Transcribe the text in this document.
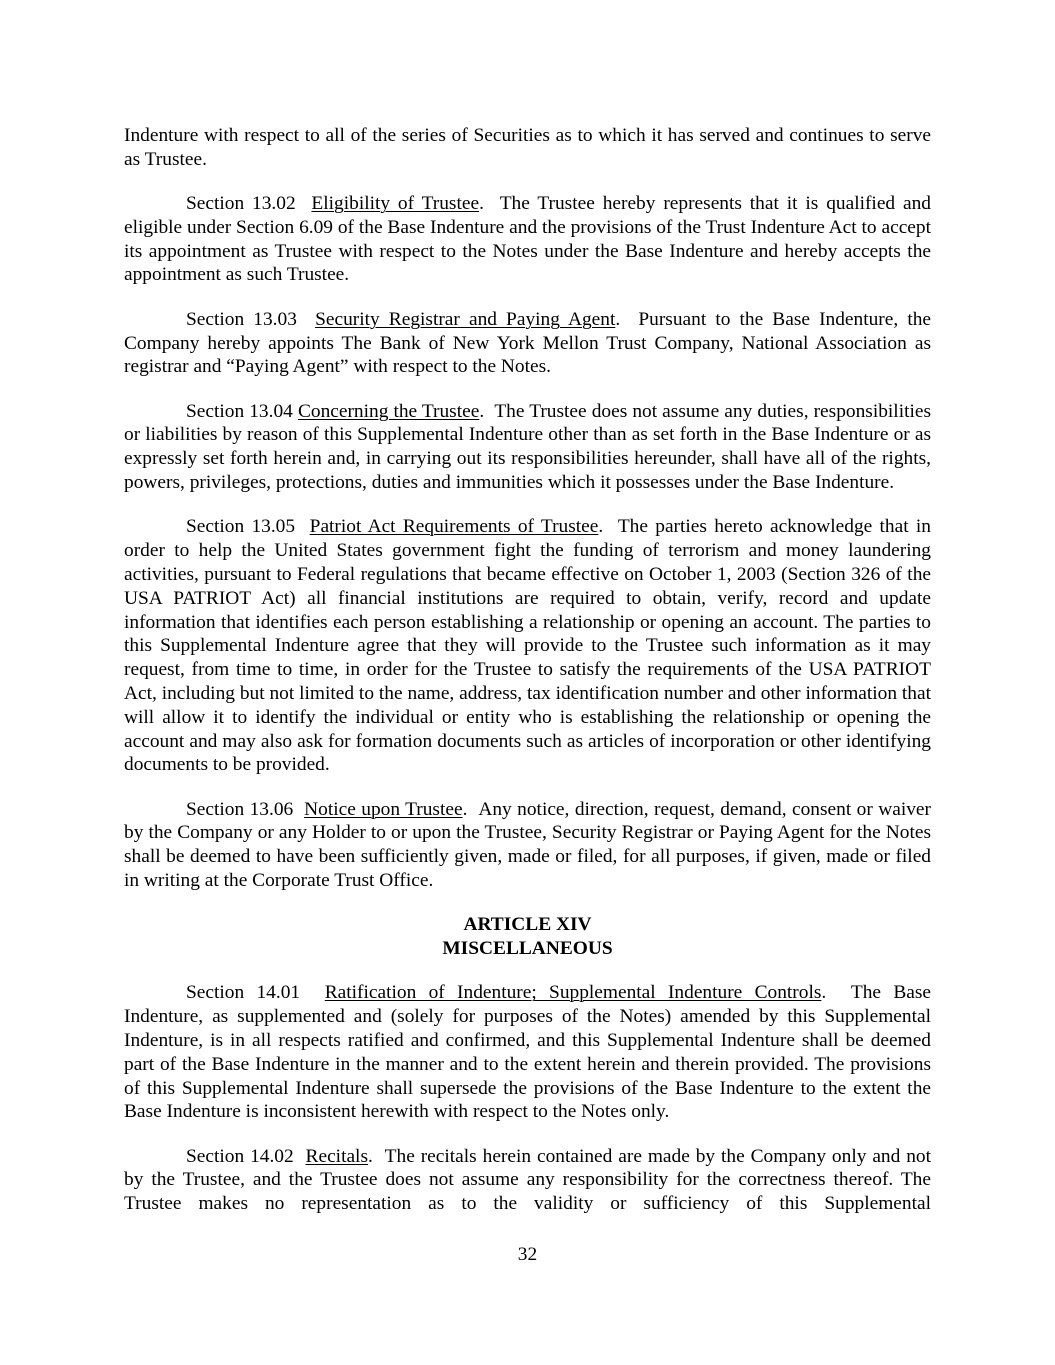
Indenture with respect to all of the series of Securities as to which it has served and continues to serve as Trustee.

Section 13.02 Eligibility of Trustee.  The Trustee hereby represents that it is qualified and eligible under Section 6.09 of the Base Indenture and the provisions of the Trust Indenture Act to accept its appointment as Trustee with respect to the Notes under the Base Indenture and hereby accepts the appointment as such Trustee.

Section 13.03 Security Registrar and Paying Agent.  Pursuant to the Base Indenture, the Company hereby appoints The Bank of New York Mellon Trust Company, National Association as registrar and “Paying Agent” with respect to the Notes.

Section 13.04 Concerning the Trustee.  The Trustee does not assume any duties, responsibilities or liabilities by reason of this Supplemental Indenture other than as set forth in the Base Indenture or as expressly set forth herein and, in carrying out its responsibilities hereunder, shall have all of the rights, powers, privileges, protections, duties and immunities which it possesses under the Base Indenture.

Section 13.05 Patriot Act Requirements of Trustee.  The parties hereto acknowledge that in order to help the United States government fight the funding of terrorism and money laundering activities, pursuant to Federal regulations that became effective on October 1, 2003 (Section 326 of the USA PATRIOT Act) all financial institutions are required to obtain, verify, record and update information that identifies each person establishing a relationship or opening an account. The parties to this Supplemental Indenture agree that they will provide to the Trustee such information as it may request, from time to time, in order for the Trustee to satisfy the requirements of the USA PATRIOT Act, including but not limited to the name, address, tax identification number and other information that will allow it to identify the individual or entity who is establishing the relationship or opening the account and may also ask for formation documents such as articles of incorporation or other identifying documents to be provided.

Section 13.06 Notice upon Trustee.  Any notice, direction, request, demand, consent or waiver by the Company or any Holder to or upon the Trustee, Security Registrar or Paying Agent for the Notes shall be deemed to have been sufficiently given, made or filed, for all purposes, if given, made or filed in writing at the Corporate Trust Office.

ARTICLE XIV
MISCELLANEOUS

Section 14.01 Ratification of Indenture; Supplemental Indenture Controls.  The Base Indenture, as supplemented and (solely for purposes of the Notes) amended by this Supplemental Indenture, is in all respects ratified and confirmed, and this Supplemental Indenture shall be deemed part of the Base Indenture in the manner and to the extent herein and therein provided. The provisions of this Supplemental Indenture shall supersede the provisions of the Base Indenture to the extent the Base Indenture is inconsistent herewith with respect to the Notes only.

Section 14.02 Recitals.  The recitals herein contained are made by the Company only and not by the Trustee, and the Trustee does not assume any responsibility for the correctness thereof. The Trustee makes no representation as to the validity or sufficiency of this Supplemental

32
